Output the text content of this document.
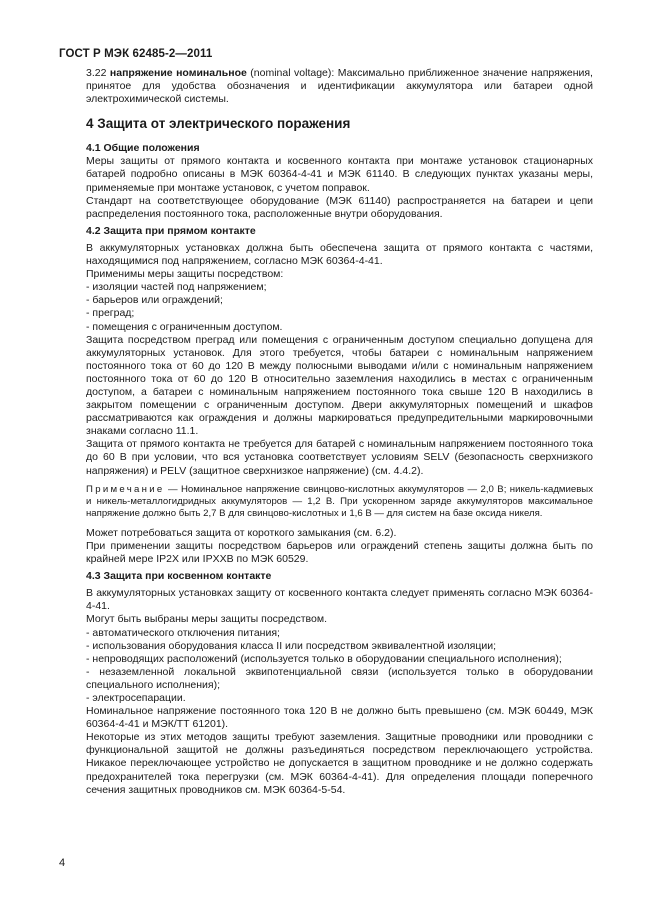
ГОСТ Р МЭК 62485-2—2011

3.22 напряжение номинальное (nominal voltage): Максимально приближенное значение напряжения, принятое для удобства обозначения и идентификации аккумулятора или батареи одной электрохимической системы.

4 Защита от электрического поражения
4.1 Общие положения

Меры защиты от прямого контакта и косвенного контакта при монтаже установок стационарных батарей подробно описаны в МЭК 60364-4-41 и МЭК 61140. В следующих пунктах указаны меры, применяемые при монтаже установок, с учетом поправок.

Стандарт на соответствующее оборудование (МЭК 61140) распространяется на батареи и цепи распределения постоянного тока, расположенные внутри оборудования.

4.2 Защита при прямом контакте

В аккумуляторных установках должна быть обеспечена защита от прямого контакта с частями, находящимися под напряжением, согласно МЭК 60364-4-41.

Применимы меры защиты посредством:

- изоляции частей под напряжением;

- барьеров или ограждений;

- преград;

- помещения с ограниченным доступом.

Защита посредством преград или помещения с ограниченным доступом специально допущена для аккумуляторных установок. Для этого требуется, чтобы батареи с номинальным напряжением постоянного тока от 60 до 120 В между полюсными выводами и/или с номинальным напряжением постоянного тока от 60 до 120 В относительно заземления находились в местах с ограниченным доступом, а батареи с номинальным напряжением постоянного тока свыше 120 В находились в закрытом помещении с ограниченным доступом. Двери аккумуляторных помещений и шкафов рассматриваются как ограждения и должны маркироваться предупредительными маркировочными знаками согласно 11.1.

Защита от прямого контакта не требуется для батарей с номинальным напряжением постоянного тока до 60 В при условии, что вся установка соответствует условиям SELV (безопасность сверхнизкого напряжения) и PELV (защитное сверхнизкое напряжение) (см. 4.4.2).

Примечание — Номинальное напряжение свинцово-кислотных аккумуляторов — 2,0 В; никель-кадмиевых и никель-металлогидридных аккумуляторов — 1,2 В. При ускоренном заряде аккумуляторов максимальное напряжение должно быть 2,7 В для свинцово-кислотных и 1,6 В — для систем на базе оксида никеля.

Может потребоваться защита от короткого замыкания (см. 6.2).

При применении защиты посредством барьеров или ограждений степень защиты должна быть по крайней мере IP2X или IPXXB по МЭК 60529.

4.3 Защита при косвенном контакте

В аккумуляторных установках защиту от косвенного контакта следует применять согласно МЭК 60364-4-41.

Могут быть выбраны меры защиты посредством.

- автоматического отключения питания;

- использования оборудования класса II или посредством эквивалентной изоляции;

- непроводящих расположений (используется только в оборудовании специального исполнения);

- незаземленной локальной эквипотенциальной связи (используется только в оборудовании специального исполнения);

- электросепарации.

Номинальное напряжение постоянного тока 120 В не должно быть превышено (см. МЭК 60449, МЭК 60364-4-41 и МЭК/ТТ 61201).

Некоторые из этих методов защиты требуют заземления. Защитные проводники или проводники с функциональной защитой не должны разъединяться посредством переключающего устройства. Никакое переключающее устройство не допускается в защитном проводнике и не должно содержать предохранителей тока перегрузки (см. МЭК 60364-4-41). Для определения площади поперечного сечения защитных проводников см. МЭК 60364-5-54.

4
